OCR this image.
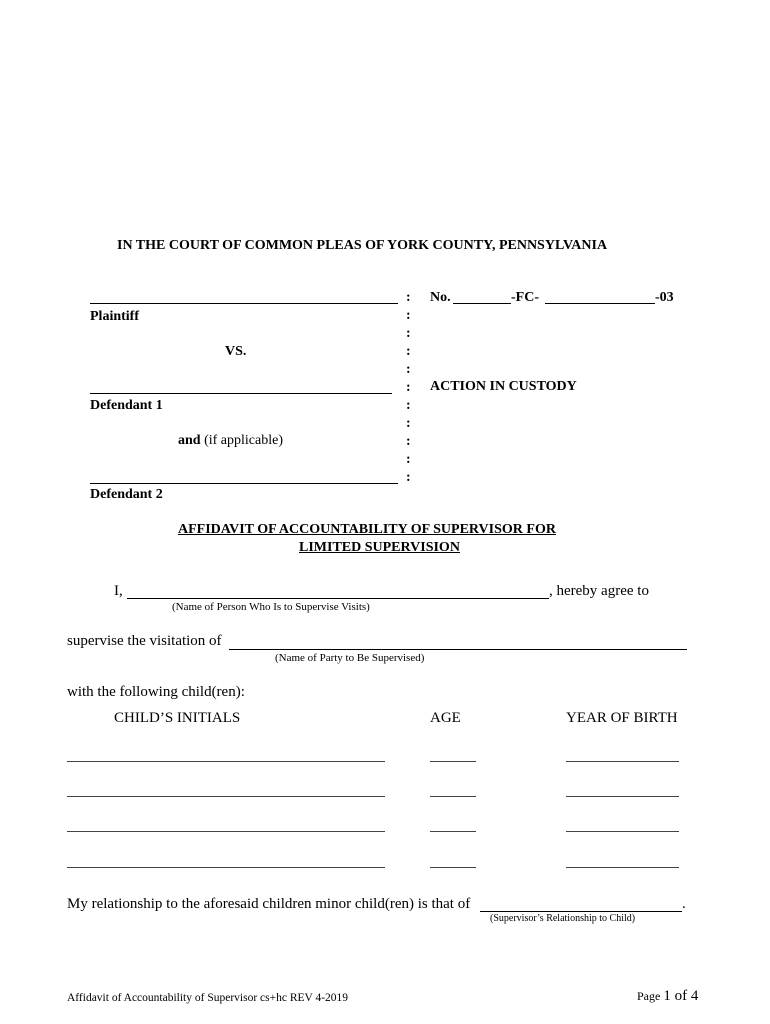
IN THE COURT OF COMMON PLEAS OF YORK COUNTY, PENNSYLVANIA
Plaintiff
VS.
Defendant 1
and (if applicable)
Defendant 2
:
:
:
:
:
:
:
:
:
:
:
No.	-FC-	-03
ACTION IN CUSTODY
AFFIDAVIT OF ACCOUNTABILITY OF SUPERVISOR FOR
LIMITED SUPERVISION
I,	, hereby agree to
(Name of Person Who Is to Supervise Visits)
supervise the visitation of
(Name of Party to Be Supervised)
with the following child(ren):
CHILD’S INITIALS	AGE	YEAR OF BIRTH
My relationship to the aforesaid children minor child(ren) is that of	.
(Supervisor’s Relationship to Child)
Affidavit of Accountability of Supervisor cs+hc REV 4-2019	Page 1 of 4
